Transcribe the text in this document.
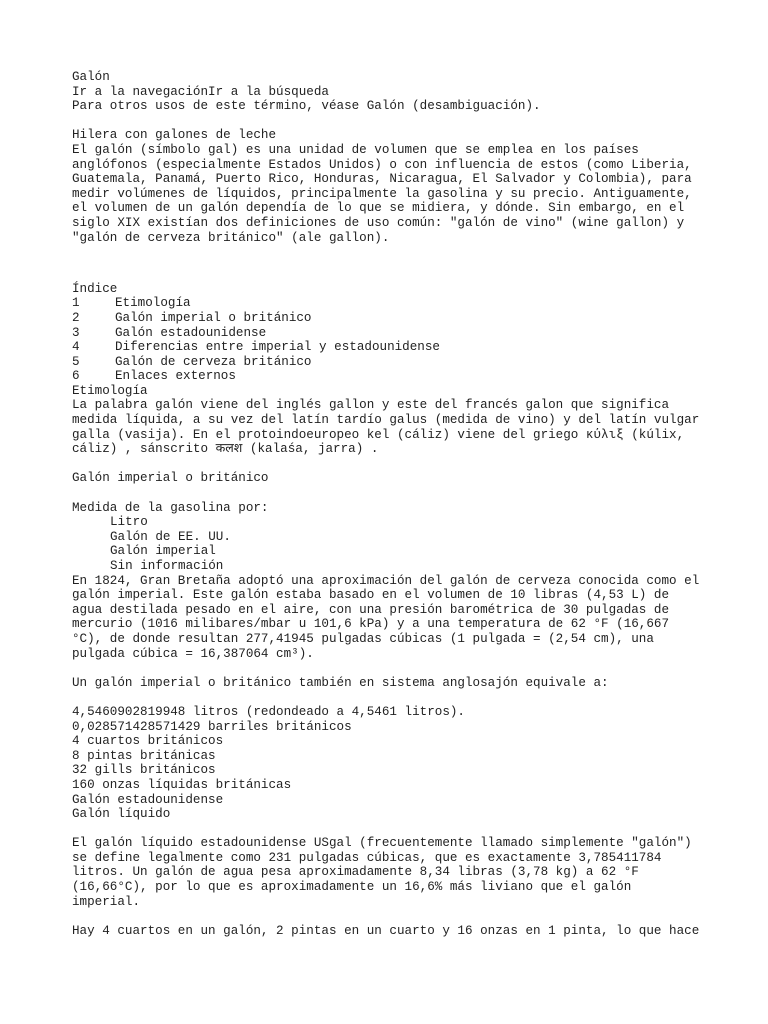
Galón
Ir a la navegaciónIr a la búsqueda
Para otros usos de este término, véase Galón (desambiguación).
Hilera con galones de leche
El galón (símbolo gal) es una unidad de volumen que se emplea en los países
anglófonos (especialmente Estados Unidos) o con influencia de estos (como Liberia,
Guatemala, Panamá, Puerto Rico, Honduras, Nicaragua, El Salvador y Colombia), para
medir volúmenes de líquidos, principalmente la gasolina y su precio. Antiguamente,
el volumen de un galón dependía de lo que se midiera, y dónde. Sin embargo, en el
siglo XIX existían dos definiciones de uso común: "galón de vino" (wine gallon) y
"galón de cerveza británico" (ale gallon).
Índice
1	Etimología
2	Galón imperial o británico
3	Galón estadounidense
4	Diferencias entre imperial y estadounidense
5	Galón de cerveza británico
6	Enlaces externos
Etimología
La palabra galón viene del inglés gallon y este del francés galon que significa
medida líquida, a su vez del latín tardío galus (medida de vino) y del latín vulgar
galla (vasija). En el protoindoeuropeo kel (cáliz) viene del griego κύλιξ (kúlix,
cáliz) , sánscrito कलश (kalaśa, jarra) .
Galón imperial o británico
Medida de la gasolina por:
Litro
Galón de EE. UU.
Galón imperial
Sin información
En 1824, Gran Bretaña adoptó una aproximación del galón de cerveza conocida como el
galón imperial. Este galón estaba basado en el volumen de 10 libras (4,53 L) de
agua destilada pesado en el aire, con una presión barométrica de 30 pulgadas de
mercurio (1016 milibares/mbar u 101,6 kPa) y a una temperatura de 62 °F (16,667
°C), de donde resultan 277,41945 pulgadas cúbicas (1 pulgada = (2,54 cm), una
pulgada cúbica = 16,387064 cm³).
Un galón imperial o británico también en sistema anglosajón equivale a:
4,5460902819948 litros (redondeado a 4,5461 litros).
0,028571428571429 barriles británicos
4 cuartos británicos
8 pintas británicas
32 gills británicos
160 onzas líquidas británicas
Galón estadounidense
Galón líquido
El galón líquido estadounidense USgal (frecuentemente llamado simplemente "galón")
se define legalmente como 231 pulgadas cúbicas, que es exactamente 3,785411784
litros. Un galón de agua pesa aproximadamente 8,34 libras (3,78 kg) a 62 °F
(16,66°C), por lo que es aproximadamente un 16,6% más liviano que el galón
imperial.
Hay 4 cuartos en un galón, 2 pintas en un cuarto y 16 onzas en 1 pinta, lo que hace
